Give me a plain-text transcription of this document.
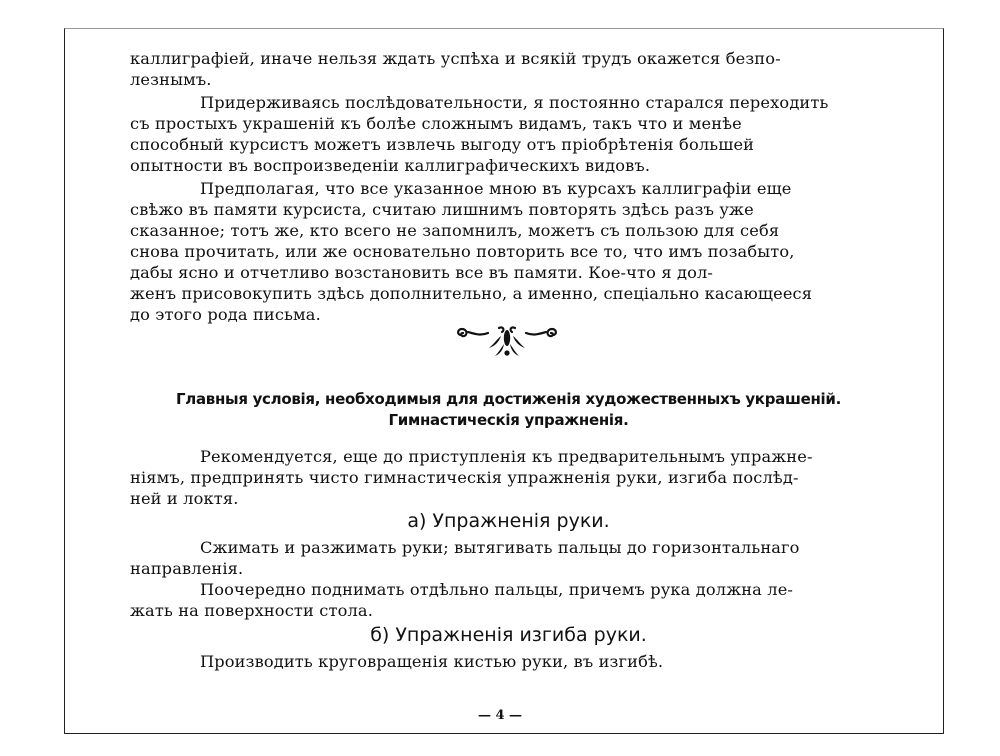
каллиграфіей, иначе нельзя ждать успѣха и всякій трудъ окажется безпо-

лезнымъ.

Придерживаясь послѣдовательности, я постоянно старался переходить

съ простыхъ украшеній къ болѣе сложнымъ видамъ, такъ что и менѣе

способный курсистъ можетъ извлечь выгоду отъ пріобрѣтенія большей

опытности въ воспроизведеніи каллиграфическихъ видовъ.

Предполагая, что все указанное мною въ курсахъ каллиграфіи еще

свѣжо въ памяти курсиста, считаю лишнимъ повторять здѣсь разъ уже

сказанное; тотъ же, кто всего не запомнилъ, можетъ съ пользою для себя

снова прочитать, или же основательно повторить все то, что имъ позабыто,

дабы ясно и отчетливо возстановить все въ памяти. Кое-что я дол-

женъ присовокупить здѣсь дополнительно, а именно, спеціально касающееся

до этого рода письма.

Главныя условія, необходимыя для достиженія художественныхъ украшеній.
Гимнастическія упражненія.

Рекомендуется, еще до приступленія къ предварительнымъ упражне-

ніямъ, предпринять чисто гимнастическія упражненія руки, изгиба послѣд-

ней и локтя.

а) Упражненія руки.

Сжимать и разжимать руки; вытягивать пальцы до горизонтальнаго

направленія.

Поочередно поднимать отдѣльно пальцы, причемъ рука должна ле-

жать на поверхности стола.

б) Упражненія изгиба руки.

Производить круговращенія кистью руки, въ изгибѣ.

— 4 —
